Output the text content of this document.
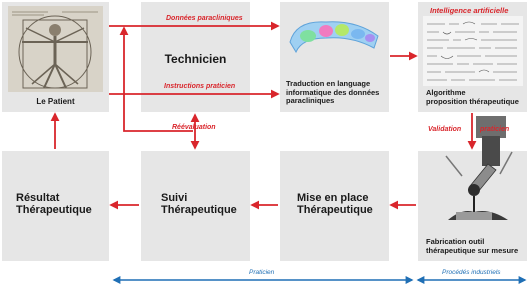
Le Patient
Technicien
Traduction en language informatique des données paracliniques
Algorithme
proposition thérapeutique
Résultat
Thérapeutique
Suivi
Thérapeutique
Mise en place
Thérapeutique
Fabrication outil
thérapeutique sur mesure
Données paracliniques
Instructions praticien
Intelligence artificielle
Réévaluation	Validation	praticien
Praticien	Procédés industriels
